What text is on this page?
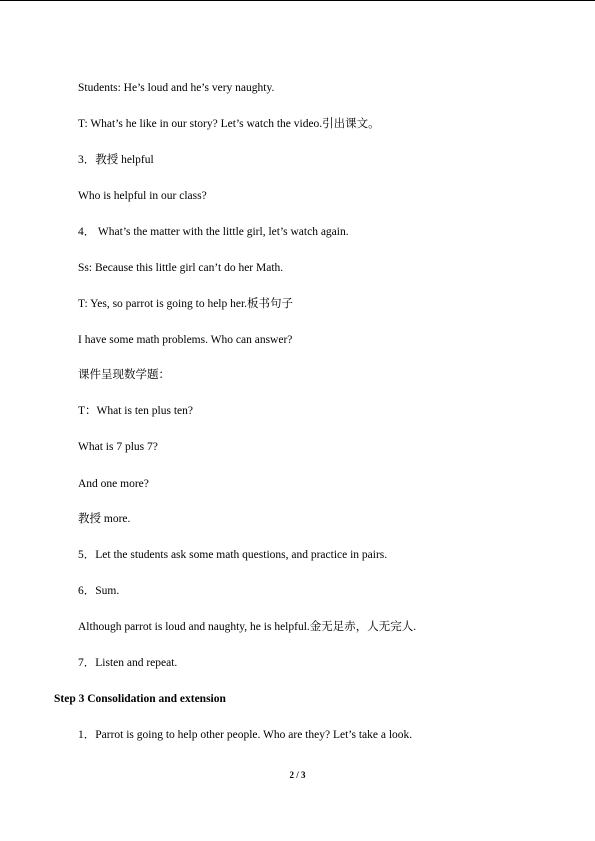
Students: He’s loud and he’s very naughty.
T: What’s he like in our story? Let’s watch the video.引出课文。
3．教授 helpful
Who is helpful in our class?
4． What’s the matter with the little girl, let’s watch again.
Ss: Because this little girl can’t do her Math.
T: Yes, so parrot is going to help her.板书句子
I have some math problems. Who can answer?
课件呈现数学题：
T：What is ten plus ten?
What is 7 plus 7?
And one more?
教授 more.
5．Let the students ask some math questions, and practice in pairs.
6．Sum.
Although parrot is loud and naughty, he is helpful.金无足赤，人无完人.
7．Listen and repeat.
Step 3 Consolidation and extension
1．Parrot is going to help other people. Who are they? Let’s take a look.
2 / 3
